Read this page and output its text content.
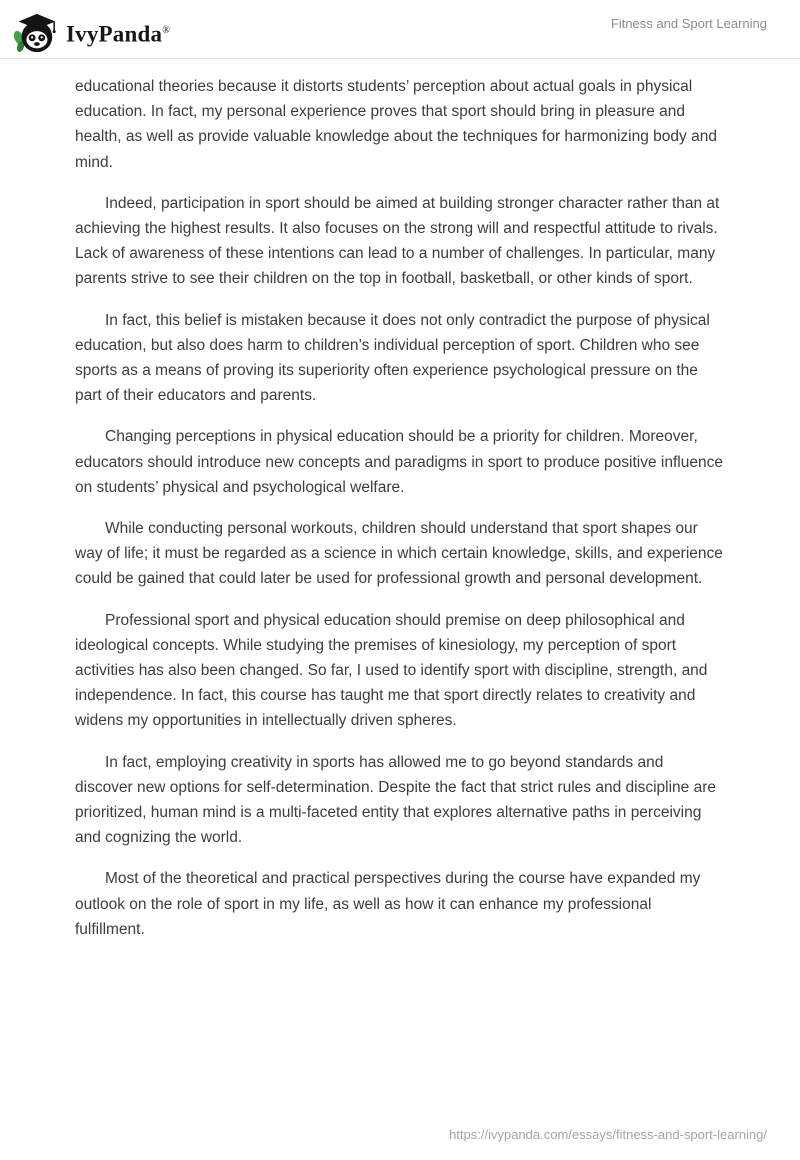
IvyPanda®	Fitness and Sport Learning

educational theories because it distorts students’ perception about actual goals in physical education. In fact, my personal experience proves that sport should bring in pleasure and health, as well as provide valuable knowledge about the techniques for harmonizing body and mind.

Indeed, participation in sport should be aimed at building stronger character rather than at achieving the highest results. It also focuses on the strong will and respectful attitude to rivals. Lack of awareness of these intentions can lead to a number of challenges. In particular, many parents strive to see their children on the top in football, basketball, or other kinds of sport.

In fact, this belief is mistaken because it does not only contradict the purpose of physical education, but also does harm to children’s individual perception of sport. Children who see sports as a means of proving its superiority often experience psychological pressure on the part of their educators and parents.

Changing perceptions in physical education should be a priority for children. Moreover, educators should introduce new concepts and paradigms in sport to produce positive influence on students’ physical and psychological welfare.

While conducting personal workouts, children should understand that sport shapes our way of life; it must be regarded as a science in which certain knowledge, skills, and experience could be gained that could later be used for professional growth and personal development.

Professional sport and physical education should premise on deep philosophical and ideological concepts. While studying the premises of kinesiology, my perception of sport activities has also been changed. So far, I used to identify sport with discipline, strength, and independence. In fact, this course has taught me that sport directly relates to creativity and widens my opportunities in intellectually driven spheres.

In fact, employing creativity in sports has allowed me to go beyond standards and discover new options for self-determination. Despite the fact that strict rules and discipline are prioritized, human mind is a multi-faceted entity that explores alternative paths in perceiving and cognizing the world.

Most of the theoretical and practical perspectives during the course have expanded my outlook on the role of sport in my life, as well as how it can enhance my professional fulfillment.

https://ivypanda.com/essays/fitness-and-sport-learning/
